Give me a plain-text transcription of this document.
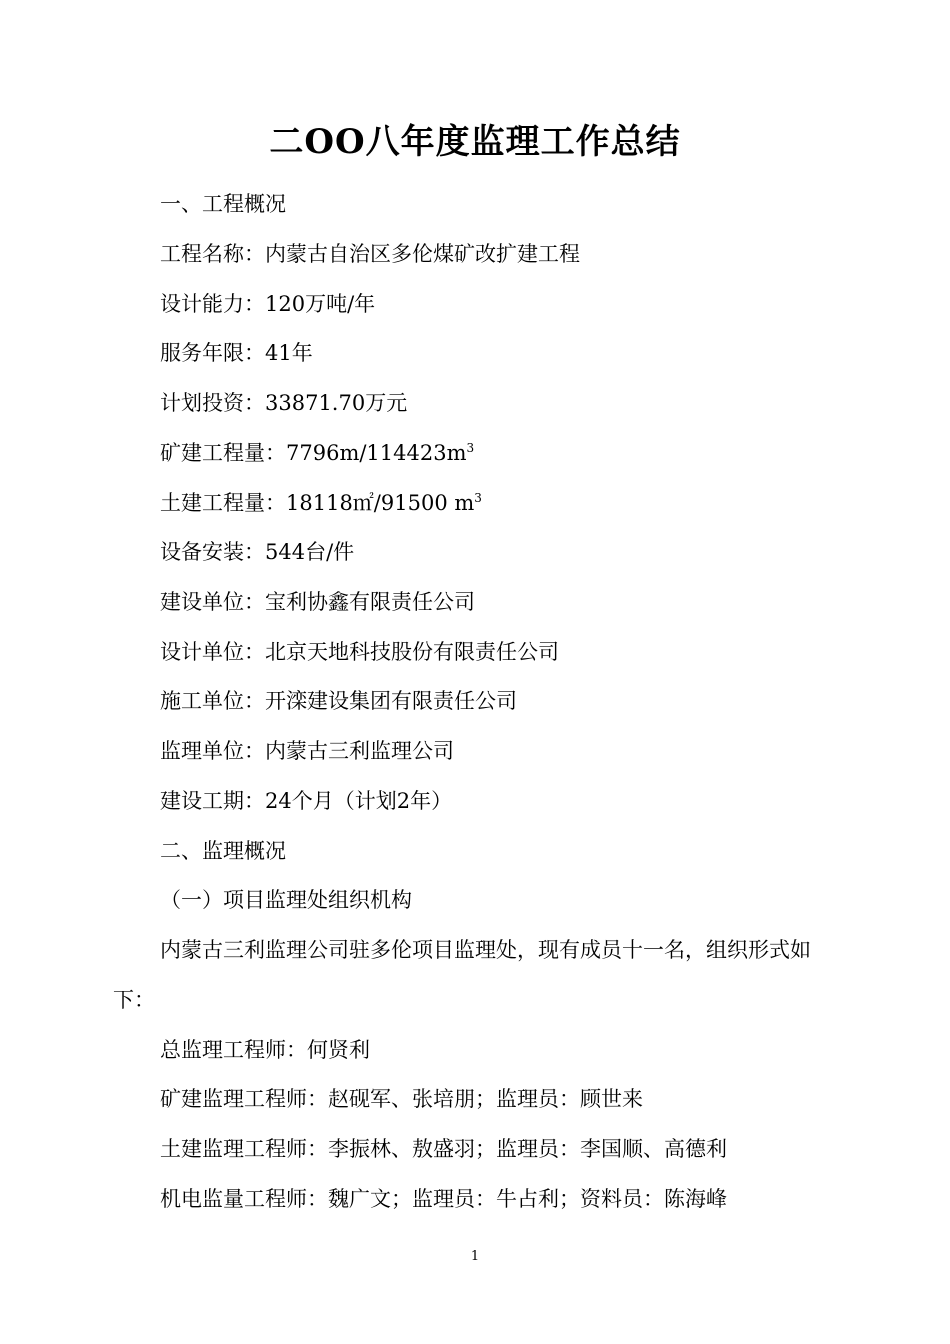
二OO八年度监理工作总结
一、工程概况
工程名称：内蒙古自治区多伦煤矿改扩建工程
设计能力：120万吨/年
服务年限：41年
计划投资：33871.70万元
矿建工程量：$7796m/114423m^3$
土建工程量：18118㎡/91500 $m^3$
设备安装：544台/件
建设单位：宝利协鑫有限责任公司
设计单位：北京天地科技股份有限责任公司
施工单位：开滦建设集团有限责任公司
监理单位：内蒙古三利监理公司
建设工期：24个月（计划2年）
二、监理概况
（一）项目监理处组织机构
内蒙古三利监理公司驻多伦项目监理处，现有成员十一名，组织形式如
下：
总监理工程师：何贤利
矿建监理工程师：赵砚军、张培朋；监理员：顾世来
土建监理工程师：李振林、敖盛羽；监理员：李国顺、高德利
机电监量工程师：魏广文；监理员：牛占利；资料员：陈海峰
1
